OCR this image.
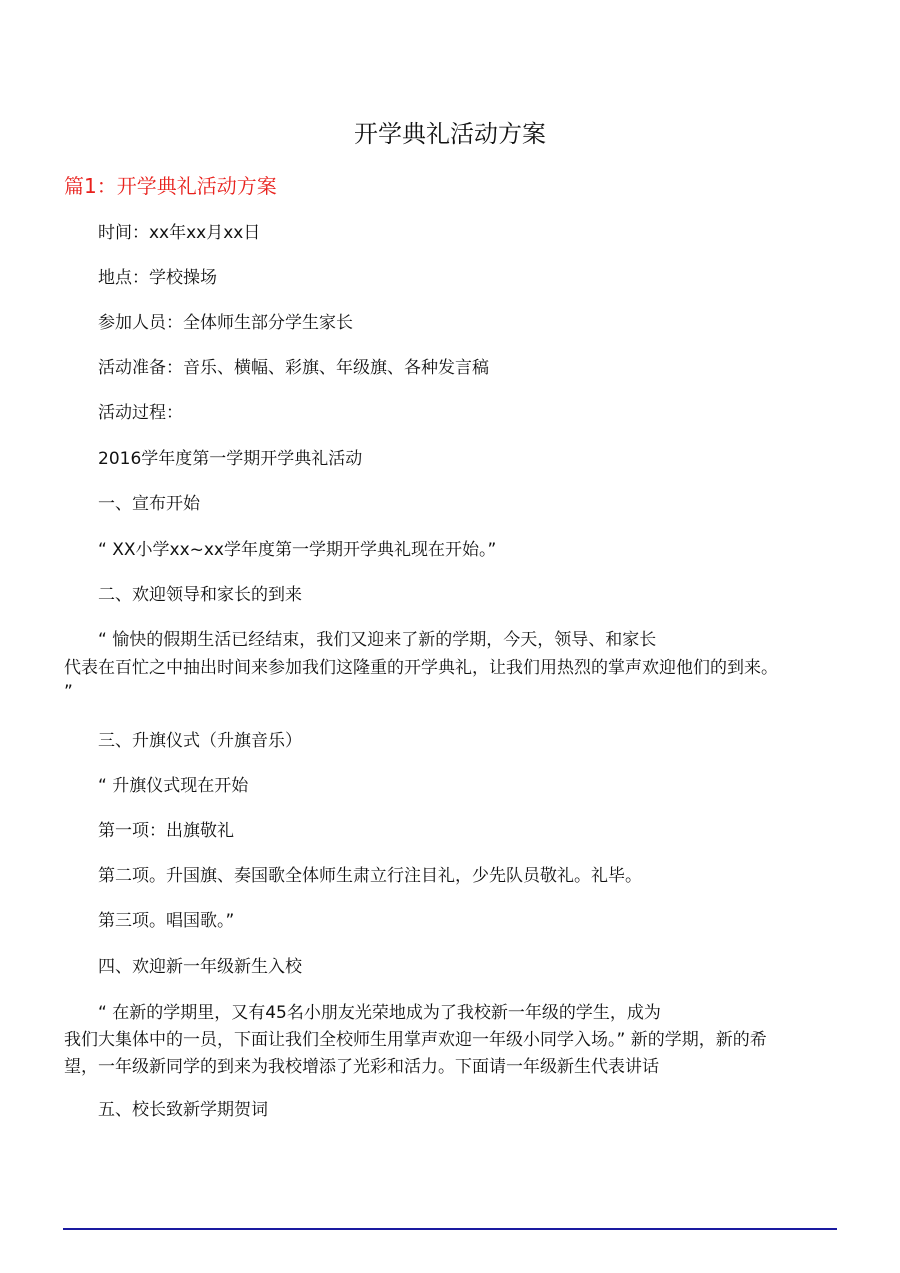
开学典礼活动方案
篇1：开学典礼活动方案
时间：xx年xx月xx日
地点：学校操场
参加人员：全体师生部分学生家长
活动准备：音乐、横幅、彩旗、年级旗、各种发言稿
活动过程：
2016学年度第一学期开学典礼活动
一、宣布开始
“ XX小学xx~xx学年度第一学期开学典礼现在开始。”
二、欢迎领导和家长的到来
“ 愉快的假期生活已经结束，我们又迎来了新的学期，今天，领导、和家长
代表在百忙之中抽出时间来参加我们这隆重的开学典礼，让我们用热烈的掌声欢迎他们的到来。
”
三、升旗仪式（升旗音乐）
“ 升旗仪式现在开始
第一项：出旗敬礼
第二项。升国旗、奏国歌全体师生肃立行注目礼，少先队员敬礼。礼毕。
第三项。唱国歌。”
四、欢迎新一年级新生入校
“ 在新的学期里，又有45名小朋友光荣地成为了我校新一年级的学生，成为
我们大集体中的一员，下面让我们全校师生用掌声欢迎一年级小同学入场。” 新的学期，新的希
望，一年级新同学的到来为我校增添了光彩和活力。下面请一年级新生代表讲话
五、校长致新学期贺词
